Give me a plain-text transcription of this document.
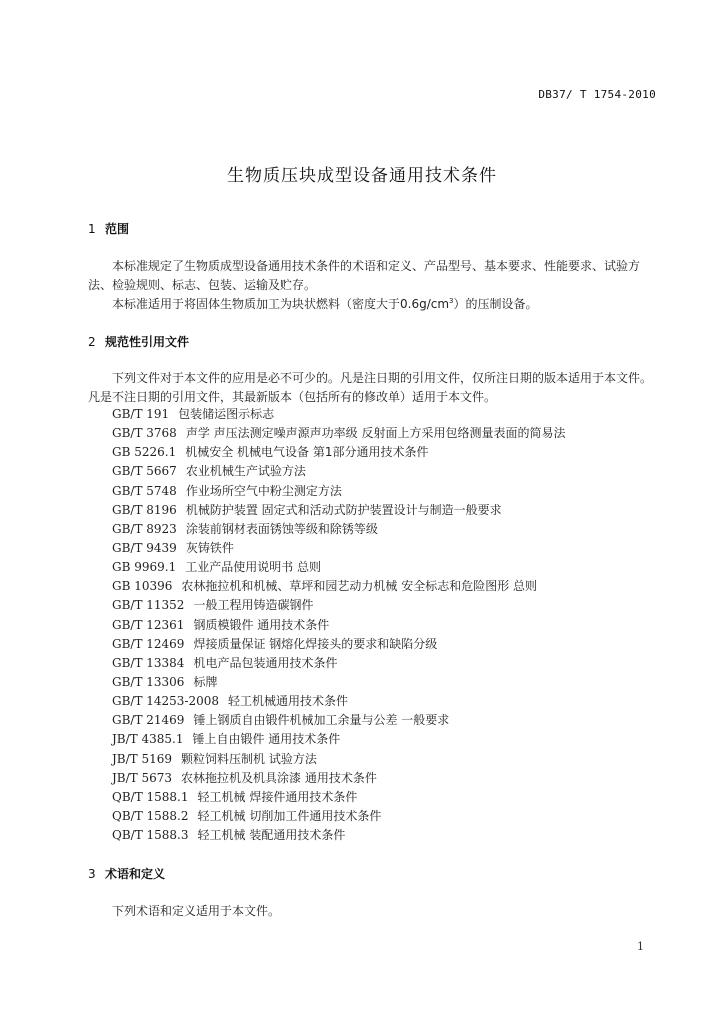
DB37/ T 1754-2010
生物质压块成型设备通用技术条件
1 范围
本标准规定了生物质成型设备通用技术条件的术语和定义、产品型号、基本要求、性能要求、试验方法、检验规则、标志、包装、运输及贮存。
本标准适用于将固体生物质加工为块状燃料（密度大于$0.6g/cm^3$）的压制设备。
2 规范性引用文件
下列文件对于本文件的应用是必不可少的。凡是注日期的引用文件，仅所注日期的版本适用于本文件。凡是不注日期的引用文件，其最新版本（包括所有的修改单）适用于本文件。
GB/T 191 包装储运图示标志
GB/T 3768 声学 声压法测定噪声源声功率级 反射面上方采用包络测量表面的简易法
GB 5226.1 机械安全 机械电气设备 第1部分通用技术条件
GB/T 5667 农业机械生产试验方法
GB/T 5748 作业场所空气中粉尘测定方法
GB/T 8196 机械防护装置 固定式和活动式防护装置设计与制造一般要求
GB/T 8923 涂装前钢材表面锈蚀等级和除锈等级
GB/T 9439 灰铸铁件
GB 9969.1 工业产品使用说明书 总则
GB 10396 农林拖拉机和机械、草坪和园艺动力机械 安全标志和危险图形 总则
GB/T 11352 一般工程用铸造碳钢件
GB/T 12361 钢质模锻件 通用技术条件
GB/T 12469 焊接质量保证 钢熔化焊接头的要求和缺陷分级
GB/T 13384 机电产品包装通用技术条件
GB/T 13306 标牌
GB/T 14253-2008 轻工机械通用技术条件
GB/T 21469 锤上钢质自由锻件机械加工余量与公差 一般要求
JB/T 4385.1 锤上自由锻件 通用技术条件
JB/T 5169 颗粒饲料压制机 试验方法
JB/T 5673 农林拖拉机及机具涂漆 通用技术条件
QB/T 1588.1 轻工机械 焊接件通用技术条件
QB/T 1588.2 轻工机械 切削加工件通用技术条件
QB/T 1588.3 轻工机械 装配通用技术条件
3 术语和定义
下列术语和定义适用于本文件。
1
